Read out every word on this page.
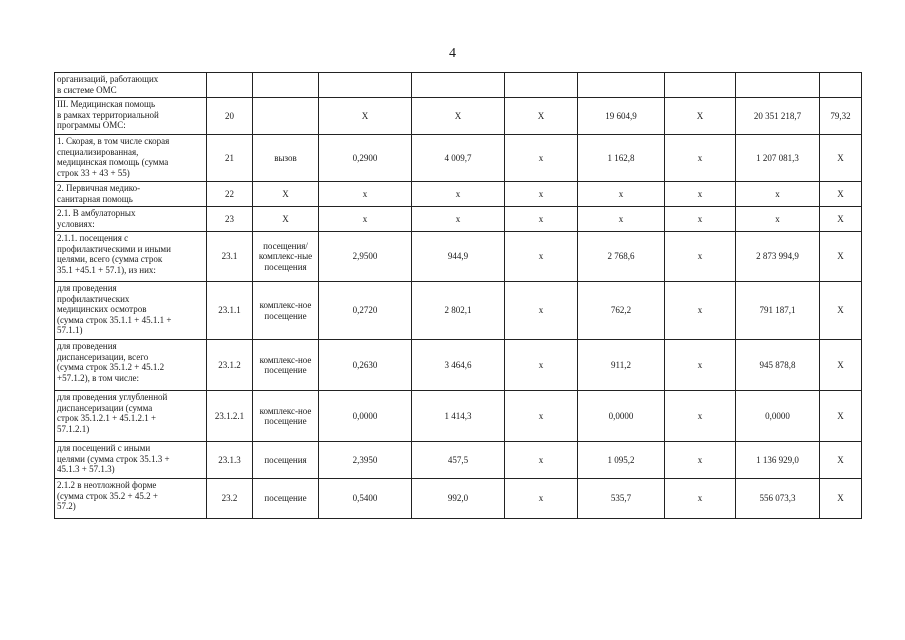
4
организаций, работающих
в системе ОМС									

III. Медицинская помощь
в рамках территориальной
программы ОМС:	20		X	X	X	19 604,9	X	20 351 218,7	79,32

1. Скорая, в том числе скорая
специализированная,
медицинская помощь (сумма
строк 33 + 43 + 55)	21	вызов	0,2900	4 009,7	х	1 162,8	х	1 207 081,3	Х

2. Первичная медико-
санитарная помощь	22	Х	х	х	х	х	х	х	Х

2.1. В амбулаторных
условиях:	23	Х	х	х	х	х	х	х	Х

2.1.1. посещения с
профилактическими и иными
целями, всего (сумма строк
35.1 +45.1 + 57.1), из них:	23.1	посещения/ комплекс-ные посещения	2,9500	944,9	х	2 768,6	х	2 873 994,9	Х

для проведения
профилактических
медицинских осмотров
(сумма строк 35.1.1 + 45.1.1 +
57.1.1)	23.1.1	комплекс-ное посещение	0,2720	2 802,1	х	762,2	х	791 187,1	Х

для проведения
диспансеризации, всего
(сумма строк 35.1.2 + 45.1.2
+57.1.2), в том числе:	23.1.2	комплекс-ное посещение	0,2630	3 464,6	х	911,2	х	945 878,8	Х

для проведения углубленной
диспансеризации (сумма
строк 35.1.2.1 + 45.1.2.1 +
57.1.2.1)	23.1.2.1	комплекс-ное посещение	0,0000	1 414,3	х	0,0000	х	0,0000	Х

для посещений с иными
целями (сумма строк 35.1.3 +
45.1.3 + 57.1.3)	23.1.3	посещения	2,3950	457,5	х	1 095,2	х	1 136 929,0	Х

2.1.2 в неотложной форме
(сумма строк 35.2 + 45.2 +
57.2)	23.2	посещение	0,5400	992,0	х	535,7	х	556 073,3	Х
